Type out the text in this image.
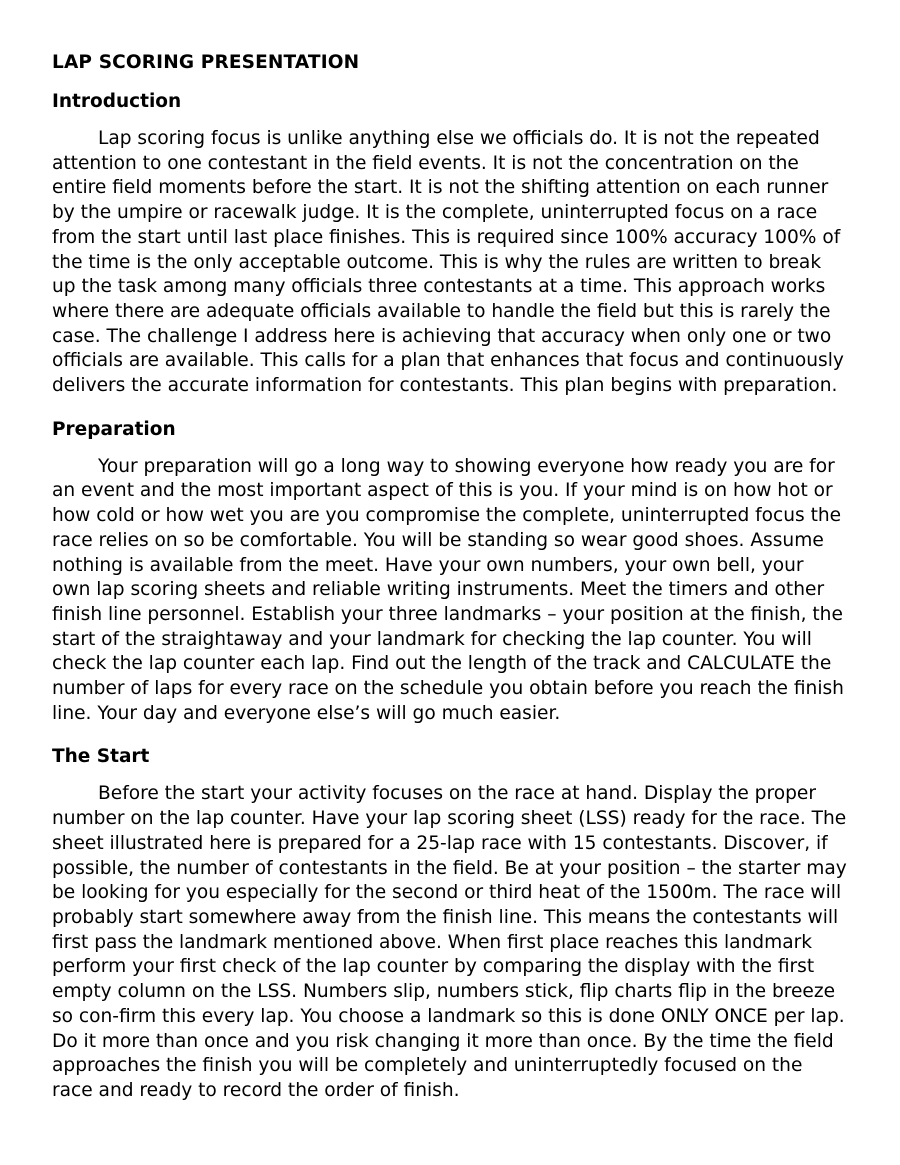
LAP SCORING PRESENTATION
Introduction

Lap scoring focus is unlike anything else we officials do. It is not the repeated attention to one contestant in the field events. It is not the concentration on the entire field moments before the start. It is not the shifting attention on each runner by the umpire or racewalk judge. It is the complete, uninterrupted focus on a race from the start until last place finishes. This is required since 100% accuracy 100% of the time is the only acceptable outcome. This is why the rules are written to break up the task among many officials three contestants at a time. This approach works where there are adequate officials available to handle the field but this is rarely the case. The challenge I address here is achieving that accuracy when only one or two officials are available. This calls for a plan that enhances that focus and continuously delivers the accurate information for contestants. This plan begins with preparation.

Preparation

Your preparation will go a long way to showing everyone how ready you are for an event and the most important aspect of this is you. If your mind is on how hot or how cold or how wet you are you compromise the complete, uninterrupted focus the race relies on so be comfortable. You will be standing so wear good shoes. Assume nothing is available from the meet. Have your own numbers, your own bell, your own lap scoring sheets and reliable writing instruments. Meet the timers and other finish line personnel. Establish your three landmarks – your position at the finish, the start of the straightaway and your landmark for checking the lap counter. You will check the lap counter each lap. Find out the length of the track and CALCULATE the number of laps for every race on the schedule you obtain before you reach the finish line. Your day and everyone else’s will go much easier.

The Start

Before the start your activity focuses on the race at hand. Display the proper number on the lap counter. Have your lap scoring sheet (LSS) ready for the race. The sheet illustrated here is prepared for a 25-lap race with 15 contestants. Discover, if possible, the number of contestants in the field. Be at your position – the starter may be looking for you especially for the second or third heat of the 1500m. The race will probably start somewhere away from the finish line. This means the contestants will first pass the landmark mentioned above. When first place reaches this landmark perform your first check of the lap counter by comparing the display with the first empty column on the LSS. Numbers slip, numbers stick, flip charts flip in the breeze so con-firm this every lap. You choose a landmark so this is done ONLY ONCE per lap. Do it more than once and you risk changing it more than once. By the time the field approaches the finish you will be completely and uninterruptedly focused on the race and ready to record the order of finish.
